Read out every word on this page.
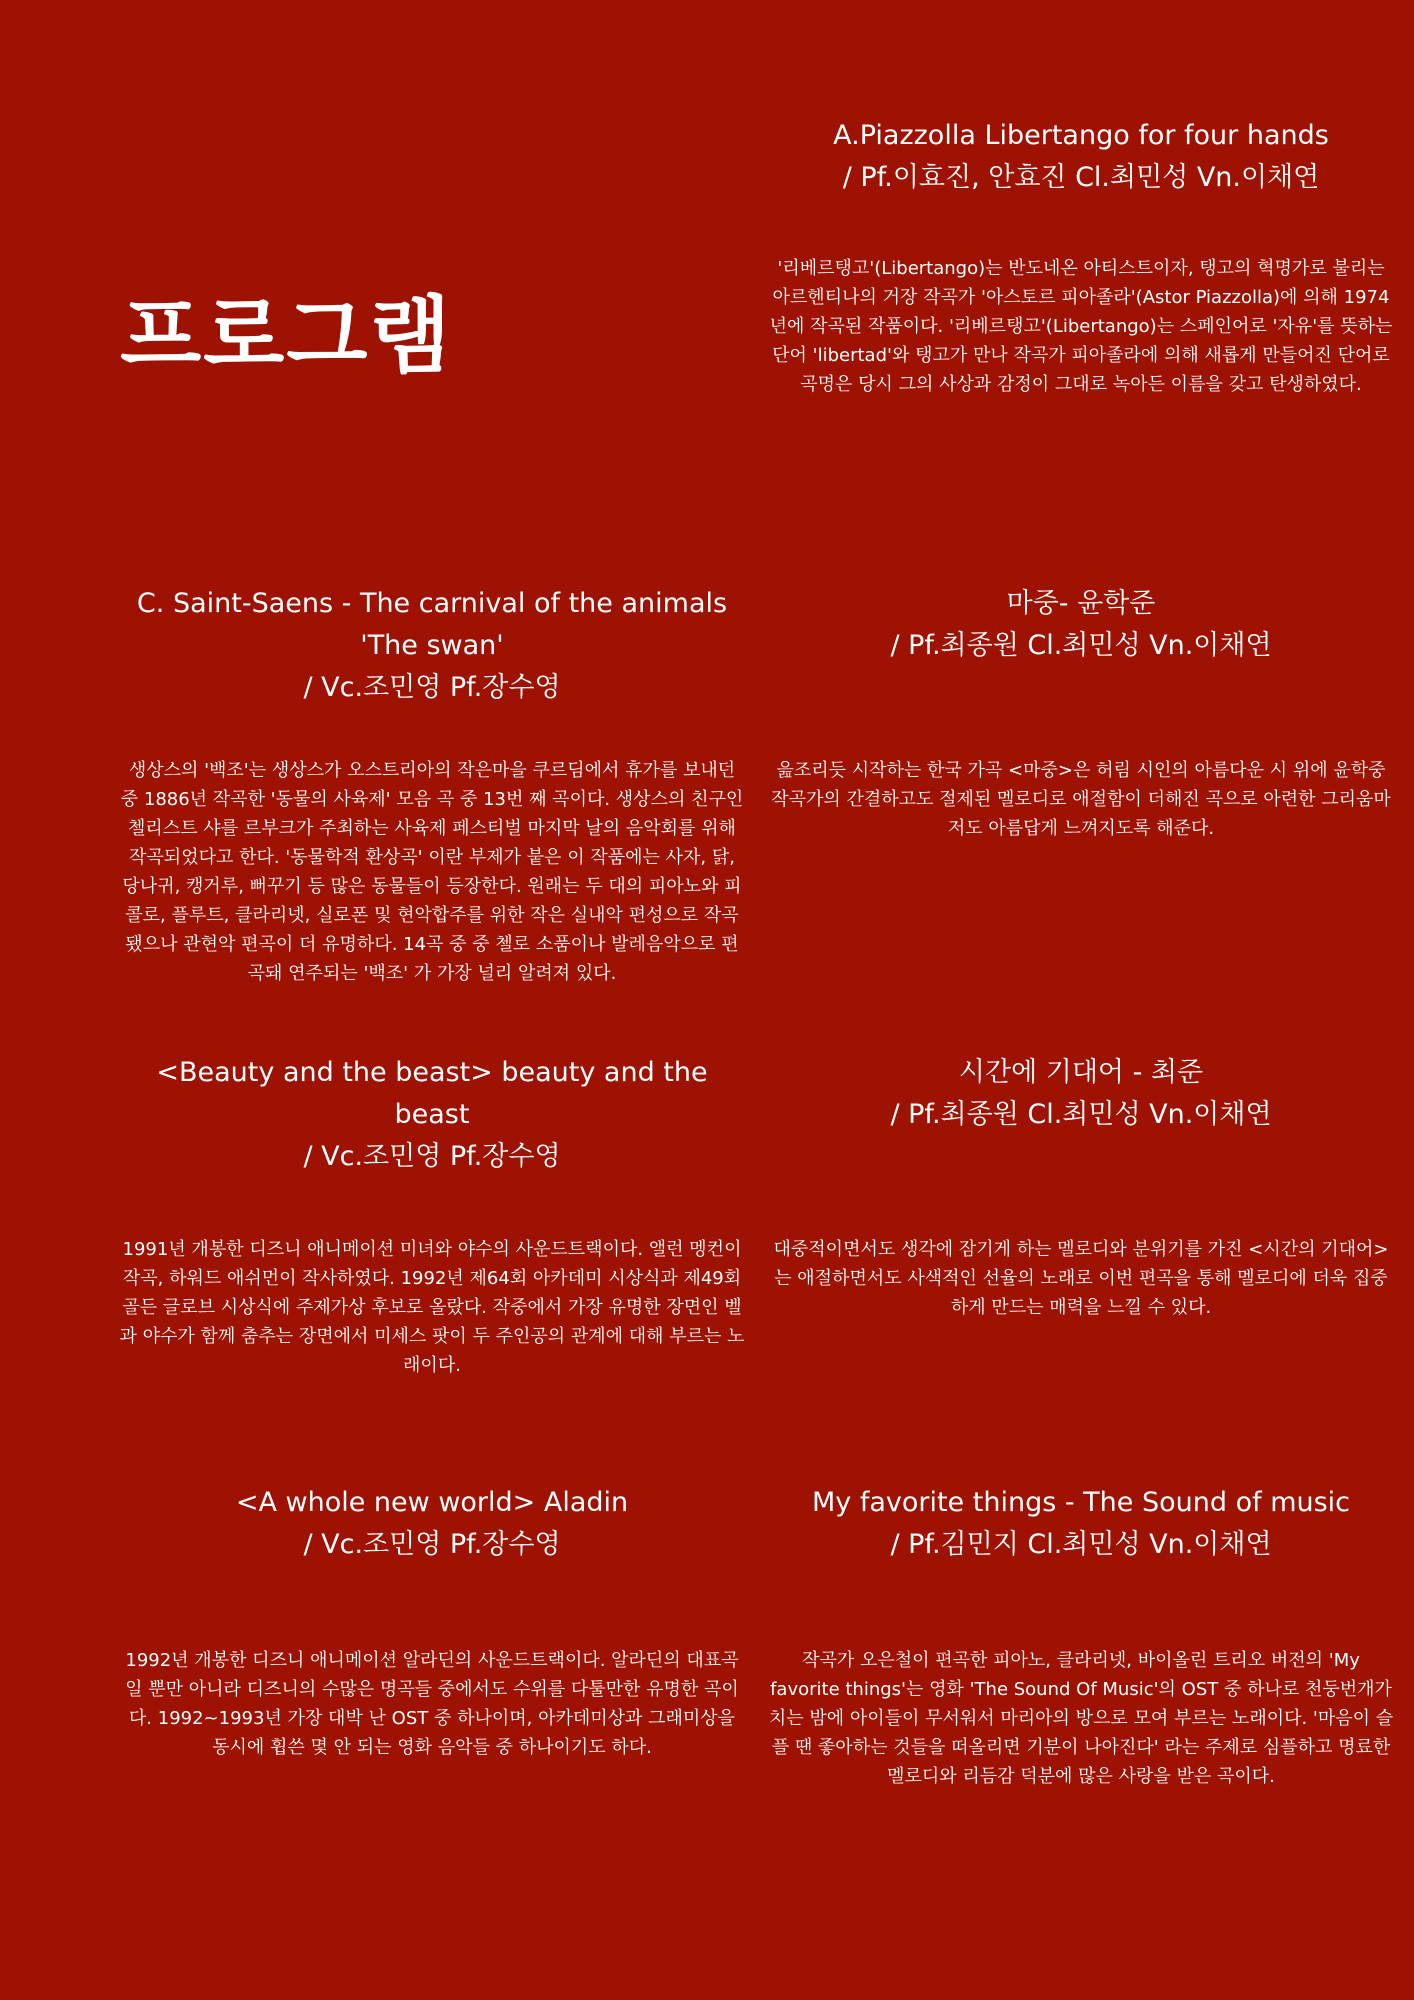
프로그램

A.Piazzolla Libertango for four hands

/ Pf.이효진, 안효진 Cl.최민성 Vn.이채연

'리베르탱고'(Libertango)는 반도네온 아티스트이자, 탱고의 혁명가로 불리는 아르헨티나의 거장 작곡가 '아스토르 피아졸라'(Astor Piazzolla)에 의해 1974년에 작곡된 작품이다. '리베르탱고'(Libertango)는 스페인어로 '자유'를 뜻하는 단어 'libertad'와 탱고가 만나 작곡가 피아졸라에 의해 새롭게 만들어진 단어로 곡명은 당시 그의 사상과 감정이 그대로 녹아든 이름을 갖고 탄생하였다.

C. Saint-Saens - The carnival of the animals

'The swan'

/ Vc.조민영 Pf.장수영

생상스의 '백조'는 생상스가 오스트리아의 작은마을 쿠르딤에서 휴가를 보내던 중 1886년 작곡한 '동물의 사육제' 모음 곡 중 13번 째 곡이다. 생상스의 친구인 첼리스트 샤를 르부크가 주최하는 사육제 페스티벌 마지막 날의 음악회를 위해 작곡되었다고 한다. '동물학적 환상곡' 이란 부제가 붙은 이 작품에는 사자, 닭, 당나귀, 캥거루, 뻐꾸기 등 많은 동물들이 등장한다. 원래는 두 대의 피아노와 피콜로, 플루트, 클라리넷, 실로폰 및 현악합주를 위한 작은 실내악 편성으로 작곡됐으나 관현악 편곡이 더 유명하다. 14곡 중 중 첼로 소품이나 발레음악으로 편곡돼 연주되는 '백조' 가 가장 널리 알려져 있다.

마중- 윤학준

/ Pf.최종원 Cl.최민성 Vn.이채연

읊조리듯 시작하는 한국 가곡 <마중>은 허림 시인의 아름다운 시 위에 윤학중 작곡가의 간결하고도 절제된 멜로디로 애절함이 더해진 곡으로 아련한 그리움마저도 아름답게 느껴지도록 해준다.

<Beauty and the beast> beauty and the beast

/ Vc.조민영 Pf.장수영

1991년 개봉한 디즈니 애니메이션 미녀와 야수의 사운드트랙이다. 앨런 멩컨이 작곡, 하워드 애쉬먼이 작사하였다. 1992년 제64회 아카데미 시상식과 제49회 골든 글로브 시상식에 주제가상 후보로 올랐다. 작중에서 가장 유명한 장면인 벨과 야수가 함께 춤추는 장면에서 미세스 팟이 두 주인공의 관계에 대해 부르는 노래이다.

시간에 기대어 - 최준

/ Pf.최종원 Cl.최민성 Vn.이채연

대중적이면서도 생각에 잠기게 하는 멜로디와 분위기를 가진 <시간의 기대어>는 애절하면서도 사색적인 선율의 노래로 이번 편곡을 통해 멜로디에 더욱 집중하게 만드는 매력을 느낄 수 있다.

<A whole new world> Aladin

/ Vc.조민영 Pf.장수영

1992년 개봉한 디즈니 애니메이션 알라딘의 사운드트랙이다. 알라딘의 대표곡일 뿐만 아니라 디즈니의 수많은 명곡들 중에서도 수위를 다툴만한 유명한 곡이다. 1992~1993년 가장 대박 난 OST 중 하나이며, 아카데미상과 그래미상을 동시에 휩쓴 몇 안 되는 영화 음악들 중 하나이기도 하다.

My favorite things - The Sound of music

/ Pf.김민지 Cl.최민성 Vn.이채연

작곡가 오은철이 편곡한 피아노, 클라리넷, 바이올린 트리오 버전의 'My favorite things'는 영화 'The Sound Of Music'의 OST 중 하나로 천둥번개가 치는 밤에 아이들이 무서워서 마리아의 방으로 모여 부르는 노래이다. '마음이 슬플 땐 좋아하는 것들을 떠올리면 기분이 나아진다' 라는 주제로 심플하고 명료한 멜로디와 리듬감 덕분에 많은 사랑을 받은 곡이다.
